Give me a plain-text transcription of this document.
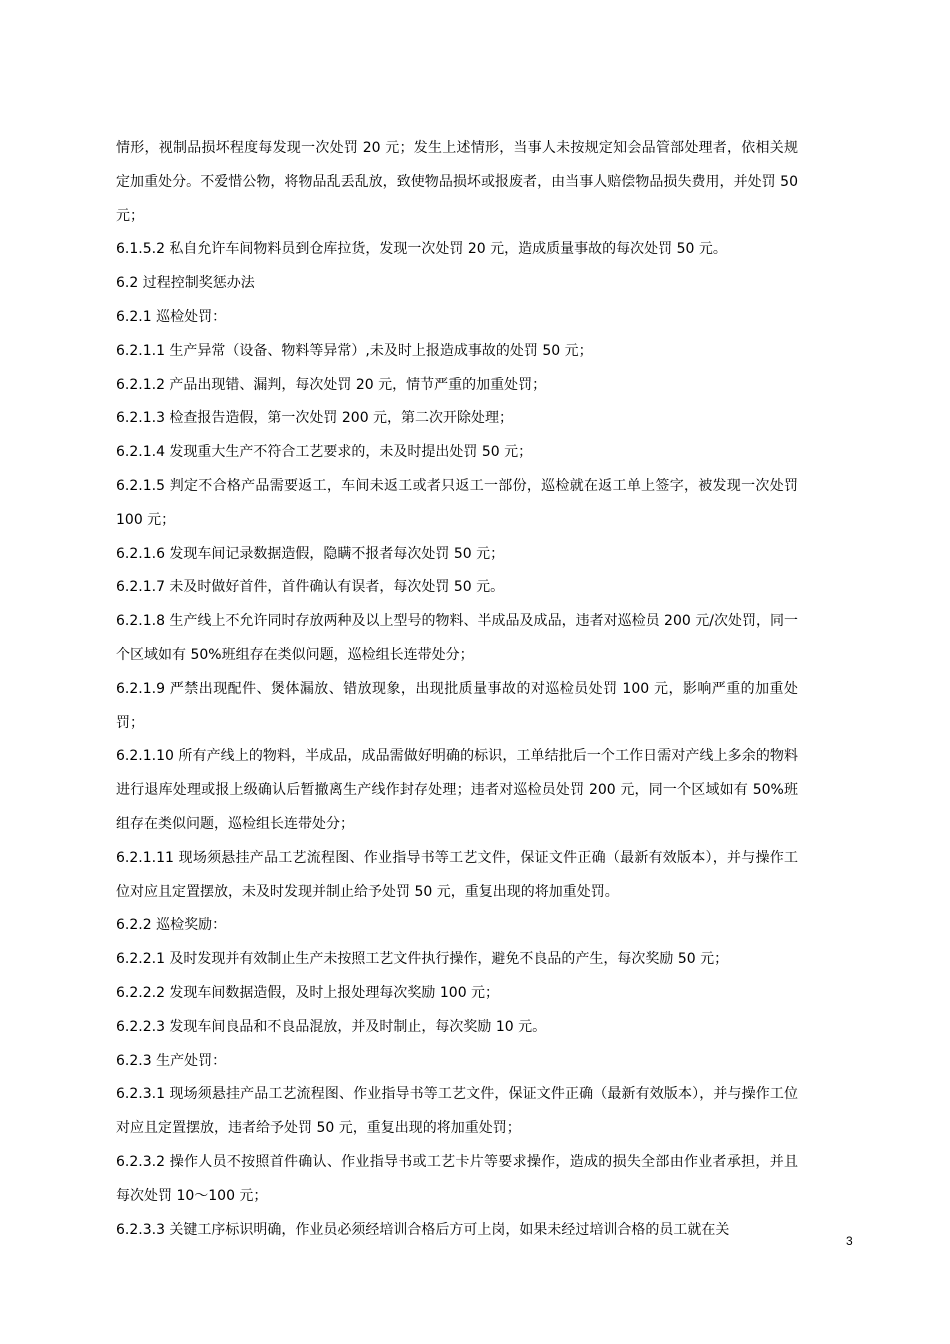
情形，视制品损坏程度每发现一次处罚 20 元；发生上述情形，当事人未按规定知会品管部处理者，依相关规定加重处分。不爱惜公物，将物品乱丢乱放，致使物品损坏或报废者，由当事人赔偿物品损失费用，并处罚 50 元；

6.1.5.2 私自允许车间物料员到仓库拉货，发现一次处罚 20 元，造成质量事故的每次处罚 50 元。

6.2 过程控制奖惩办法

6.2.1 巡检处罚：

6.2.1.1 生产异常（设备、物料等异常）,未及时上报造成事故的处罚 50 元；

6.2.1.2 产品出现错、漏判，每次处罚 20 元，情节严重的加重处罚；

6.2.1.3 检查报告造假，第一次处罚 200 元，第二次开除处理；

6.2.1.4 发现重大生产不符合工艺要求的，未及时提出处罚 50 元；

6.2.1.5 判定不合格产品需要返工，车间未返工或者只返工一部份，巡检就在返工单上签字，被发现一次处罚 100 元；

6.2.1.6 发现车间记录数据造假，隐瞒不报者每次处罚 50 元；

6.2.1.7 未及时做好首件，首件确认有误者，每次处罚 50 元。

6.2.1.8 生产线上不允许同时存放两种及以上型号的物料、半成品及成品，违者对巡检员 200 元/次处罚，同一个区域如有 50%班组存在类似问题，巡检组长连带处分；

6.2.1.9 严禁出现配件、煲体漏放、错放现象，出现批质量事故的对巡检员处罚 100 元，影响严重的加重处罚；

6.2.1.10 所有产线上的物料，半成品，成品需做好明确的标识，工单结批后一个工作日需对产线上多余的物料进行退库处理或报上级确认后暂撤离生产线作封存处理；违者对巡检员处罚 200 元，同一个区域如有 50%班组存在类似问题，巡检组长连带处分；

6.2.1.11 现场须悬挂产品工艺流程图、作业指导书等工艺文件，保证文件正确（最新有效版本），并与操作工位对应且定置摆放，未及时发现并制止给予处罚 50 元，重复出现的将加重处罚。

6.2.2 巡检奖励：

6.2.2.1 及时发现并有效制止生产未按照工艺文件执行操作，避免不良品的产生，每次奖励 50 元；

6.2.2.2 发现车间数据造假，及时上报处理每次奖励 100 元；

6.2.2.3 发现车间良品和不良品混放，并及时制止，每次奖励 10 元。

6.2.3 生产处罚：

6.2.3.1 现场须悬挂产品工艺流程图、作业指导书等工艺文件，保证文件正确（最新有效版本），并与操作工位对应且定置摆放，违者给予处罚 50 元，重复出现的将加重处罚；

6.2.3.2 操作人员不按照首件确认、作业指导书或工艺卡片等要求操作，造成的损失全部由作业者承担，并且每次处罚 10～100 元；

6.2.3.3 关键工序标识明确，作业员必须经培训合格后方可上岗，如果未经过培训合格的员工就在关

3
